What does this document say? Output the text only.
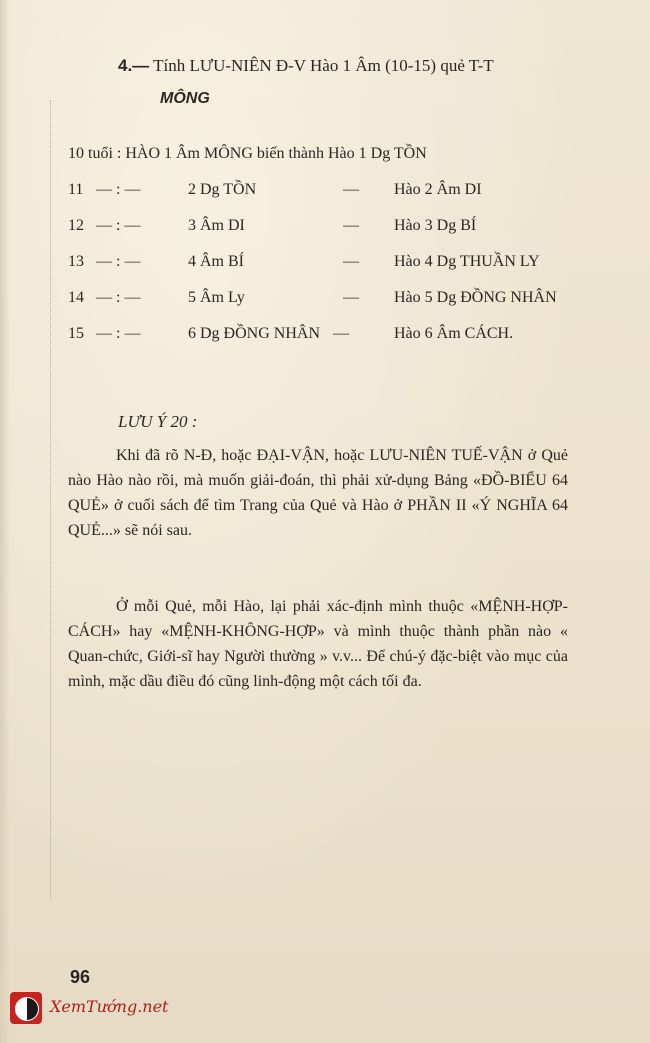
4.— Tính LƯU-NIÊN Đ-V Hào 1 Âm (10-15) quẻ T-T
MÔNG
10 tuổi : HÀO 1 Âm MÔNG biến thành Hào 1 Dg TỒN
11 — : —	2 Dg TỒN	— Hào 2 Âm DI
12 — : —	3 Âm DI	— Hào 3 Dg BÍ
13 — : —	4 Âm BÍ	— Hào 4 Dg THUẦN LY
14 — : —	5 Âm Ly	— Hào 5 Dg ĐỒNG NHÂN
15 — : —	6 Dg ĐỒNG NHÂN —	Hào 6 Âm CÁCH.
LƯU Ý 20 :
Khi đã rõ N-Đ, hoặc ĐẠI-VẬN, hoặc LƯU-NIÊN TUẾ-VẬN ở Quẻ nào Hào nào rồi, mà muốn giải-đoán, thì phải xử-dụng Bảng «ĐỒ-BIỂU 64 QUẺ» ở cuối sách để tìm Trang của Quẻ và Hào ở PHẦN II «Ý NGHĨA 64 QUẺ...» sẽ nói sau.
Ở mỗi Quẻ, mỗi Hào, lại phải xác-định mình thuộc «MỆNH-HỢP-CÁCH» hay «MỆNH-KHÔNG-HỢP» và mình thuộc thành phần nào « Quan-chức, Giới-sĩ hay Người thường » v.v... Để chú-ý đặc-biệt vào mục của mình, mặc dầu điều đó cũng linh-động một cách tối đa.
96
XemTướng.net
